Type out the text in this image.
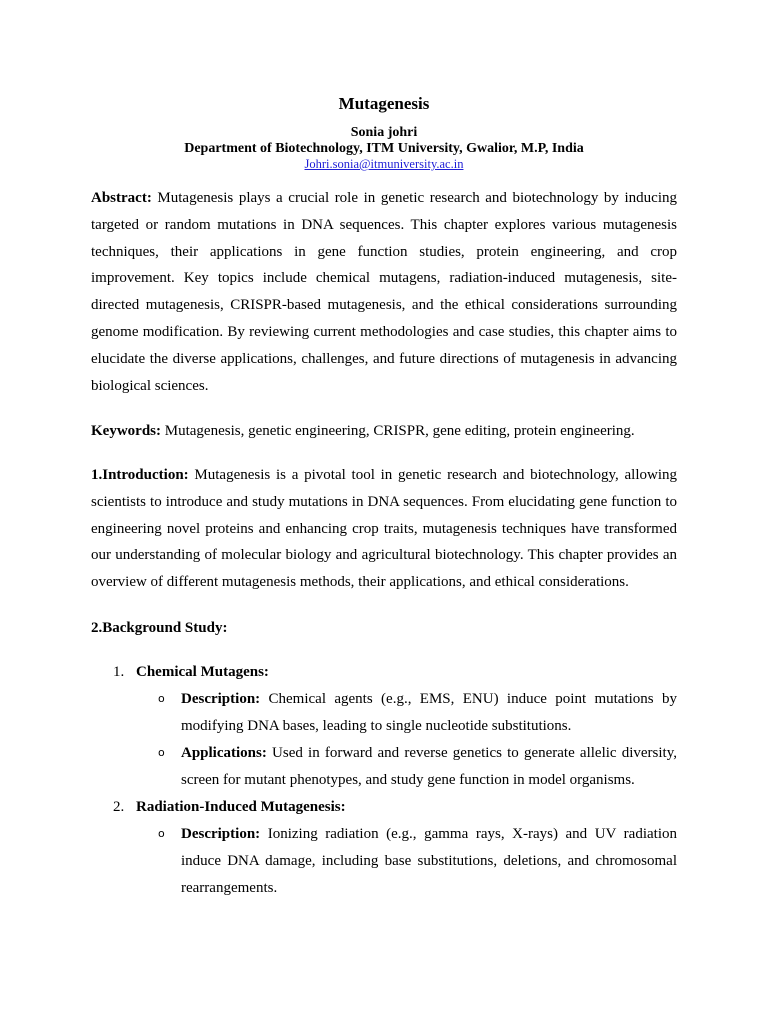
Mutagenesis
Sonia johri
Department of Biotechnology, ITM University, Gwalior, M.P, India
Johri.sonia@itmuniversity.ac.in
Abstract: Mutagenesis plays a crucial role in genetic research and biotechnology by inducing targeted or random mutations in DNA sequences. This chapter explores various mutagenesis techniques, their applications in gene function studies, protein engineering, and crop improvement. Key topics include chemical mutagens, radiation-induced mutagenesis, site-directed mutagenesis, CRISPR-based mutagenesis, and the ethical considerations surrounding genome modification. By reviewing current methodologies and case studies, this chapter aims to elucidate the diverse applications, challenges, and future directions of mutagenesis in advancing biological sciences.
Keywords: Mutagenesis, genetic engineering, CRISPR, gene editing, protein engineering.
1.Introduction: Mutagenesis is a pivotal tool in genetic research and biotechnology, allowing scientists to introduce and study mutations in DNA sequences. From elucidating gene function to engineering novel proteins and enhancing crop traits, mutagenesis techniques have transformed our understanding of molecular biology and agricultural biotechnology. This chapter provides an overview of different mutagenesis methods, their applications, and ethical considerations.
2.Background Study:
1. Chemical Mutagens:
o Description: Chemical agents (e.g., EMS, ENU) induce point mutations by modifying DNA bases, leading to single nucleotide substitutions.
o Applications: Used in forward and reverse genetics to generate allelic diversity, screen for mutant phenotypes, and study gene function in model organisms.
2. Radiation-Induced Mutagenesis:
o Description: Ionizing radiation (e.g., gamma rays, X-rays) and UV radiation induce DNA damage, including base substitutions, deletions, and chromosomal rearrangements.
